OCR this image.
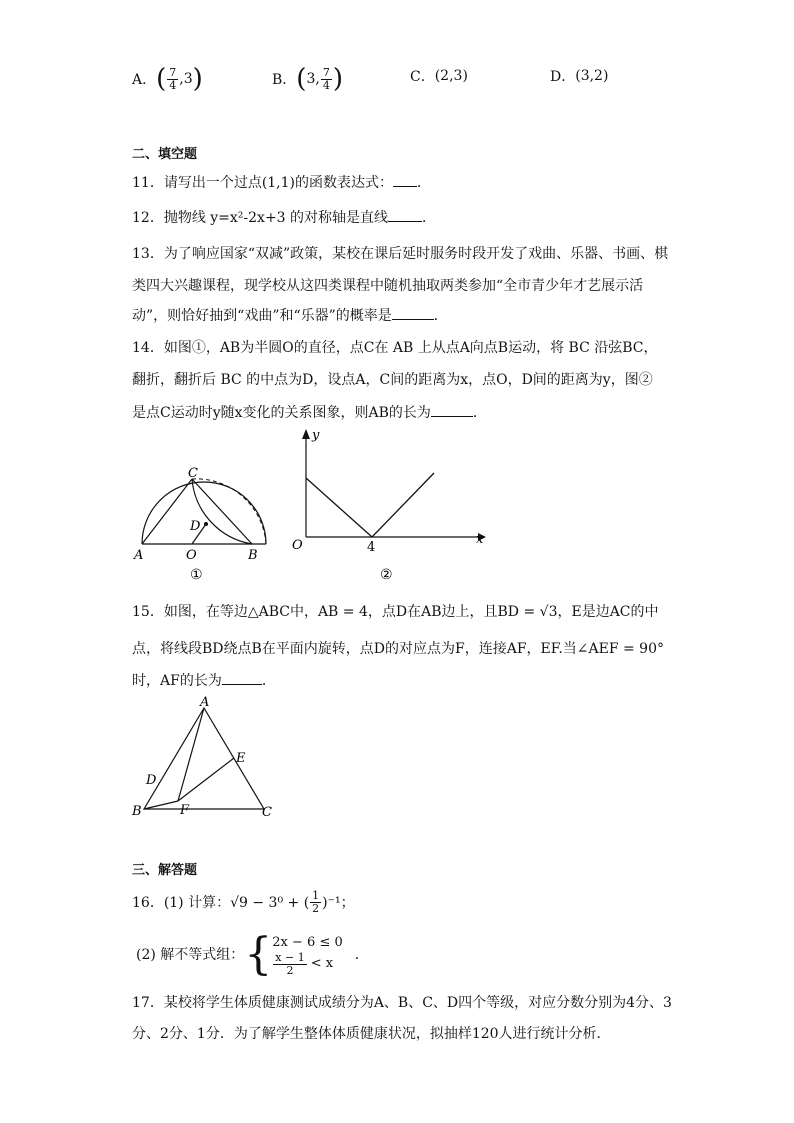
A． ( $\frac{7}{4} ,3$ )	B． ( 3, $\frac{7}{4}$ )	C． (2,3)	D． (3,2)
二、填空题
11．请写出一个过点(1,1)的函数表达式： ．
12．抛物线 y=x²-2x+3 的对称轴是直线 ．
13．为了响应国家“双减”政策，某校在课后延时服务时段开发了戏曲、乐器、书画、棋
类四大兴趣课程，现学校从这四类课程中随机抽取两类参加“全市青少年才艺展示活
动”，则恰好抽到“戏曲”和“乐器”的概率是	．
14．如图①，AB为半圆O的直径，点C在 AB 上从点A向点B运动，将 BC 沿弦BC，
翻折，翻折后 BC 的中点为D，设点A，C间的距离为x，点O，D间的距离为y，图②
是点C运动时y随x变化的关系图象，则AB的长为	．
C
D
A	O	B
①
y
x
O	4
②
15．如图，在等边△ABC中，AB = 4，点D在AB边上，且BD = √3，E是边AC的中
点，将线段BD绕点B在平面内旋转，点D的对应点为F，连接AF，EF.当∠AEF = 90°
时，AF的长为	．
A
D
E
B	F	C
三、解答题
16．(1) 计算：√9 − 3⁰ + ( $\frac{1}{2} )^{-1}$；
(2) 解不等式组： { 2x − 6 ≤ 0
$\frac{x - 1}{2} < x$
．
17．某校将学生体质健康测试成绩分为A、B、C、D四个等级，对应分数分别为4分、3
分、2分、1分．为了解学生整体体质健康状况，拟抽样120人进行统计分析．
